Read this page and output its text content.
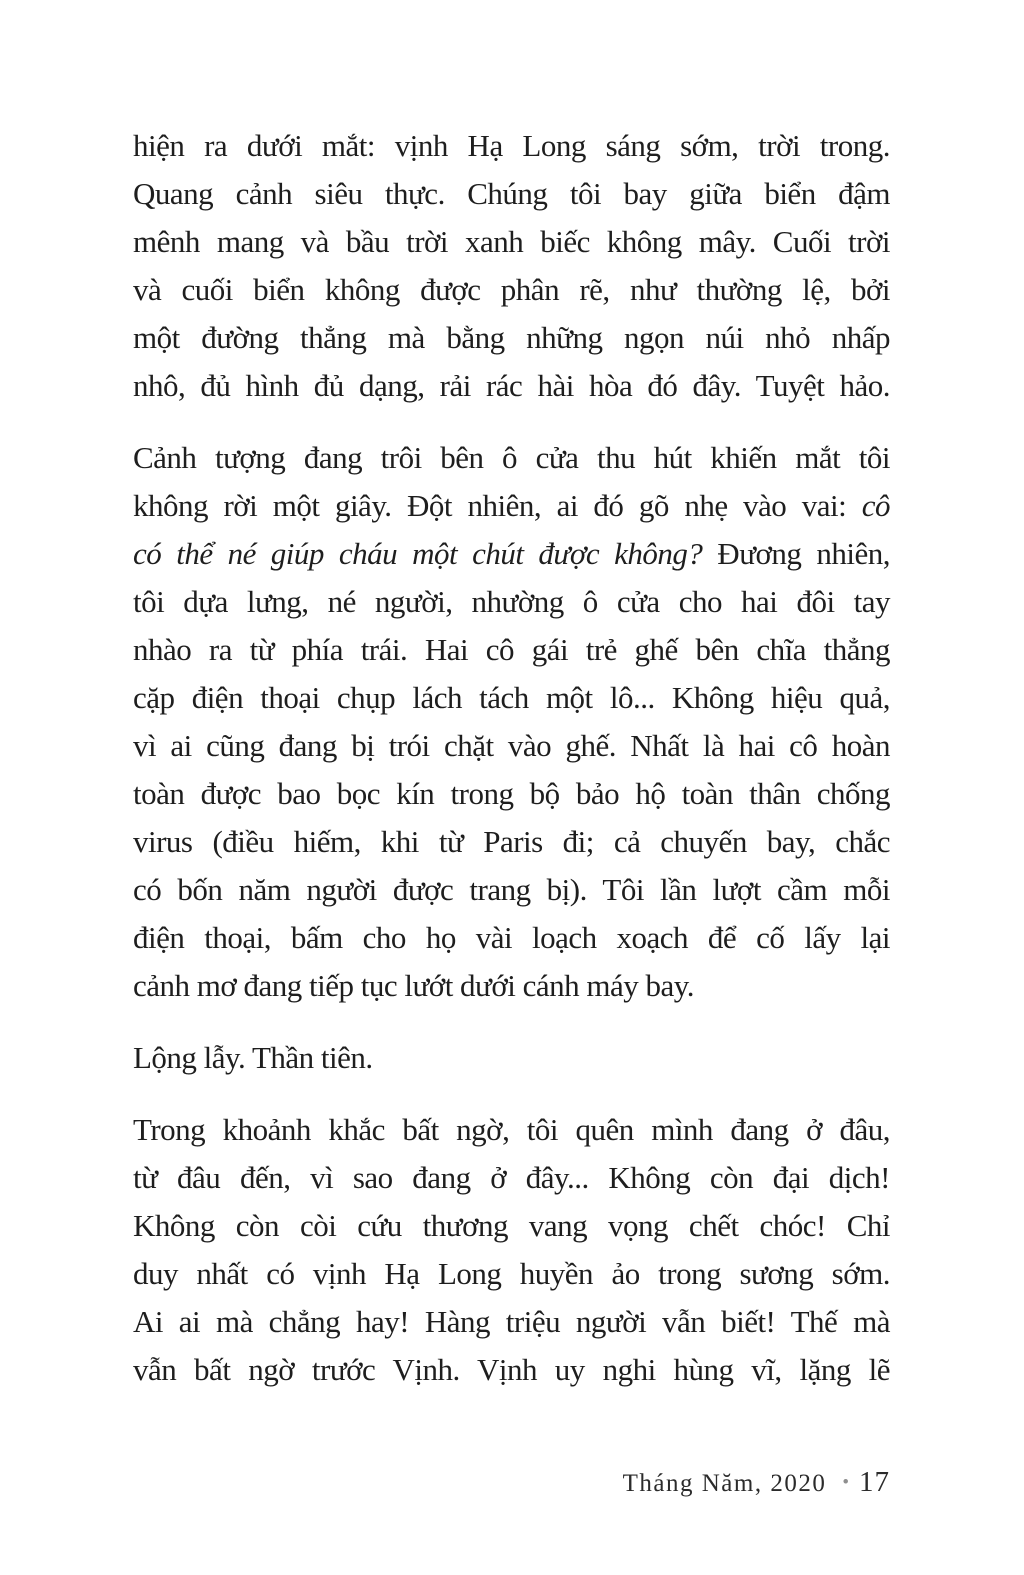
hiện ra dưới mắt: vịnh Hạ Long sáng sớm, trời trong.
Quang cảnh siêu thực. Chúng tôi bay giữa biển đậm
mênh mang và bầu trời xanh biếc không mây. Cuối trời
và cuối biển không được phân rẽ, như thường lệ, bởi
một đường thẳng mà bằng những ngọn núi nhỏ nhấp
nhô, đủ hình đủ dạng, rải rác hài hòa đó đây. Tuyệt hảo.
Cảnh tượng đang trôi bên ô cửa thu hút khiến mắt tôi
không rời một giây. Đột nhiên, ai đó gõ nhẹ vào vai: cô
có thể né giúp cháu một chút được không? Đương nhiên,
tôi dựa lưng, né người, nhường ô cửa cho hai đôi tay
nhào ra từ phía trái. Hai cô gái trẻ ghế bên chĩa thẳng
cặp điện thoại chụp lách tách một lô... Không hiệu quả,
vì ai cũng đang bị trói chặt vào ghế. Nhất là hai cô hoàn
toàn được bao bọc kín trong bộ bảo hộ toàn thân chống
virus (điều hiếm, khi từ Paris đi; cả chuyến bay, chắc
có bốn năm người được trang bị). Tôi lần lượt cầm mỗi
điện thoại, bấm cho họ vài loạch xoạch để cố lấy lại
cảnh mơ đang tiếp tục lướt dưới cánh máy bay.
Lộng lẫy. Thần tiên.
Trong khoảnh khắc bất ngờ, tôi quên mình đang ở đâu,
từ đâu đến, vì sao đang ở đây... Không còn đại dịch!
Không còn còi cứu thương vang vọng chết chóc! Chỉ
duy nhất có vịnh Hạ Long huyền ảo trong sương sớm.
Ai ai mà chẳng hay! Hàng triệu người vẫn biết! Thế mà
vẫn bất ngờ trước Vịnh. Vịnh uy nghi hùng vĩ, lặng lẽ
Tháng Năm, 2020 • 17
